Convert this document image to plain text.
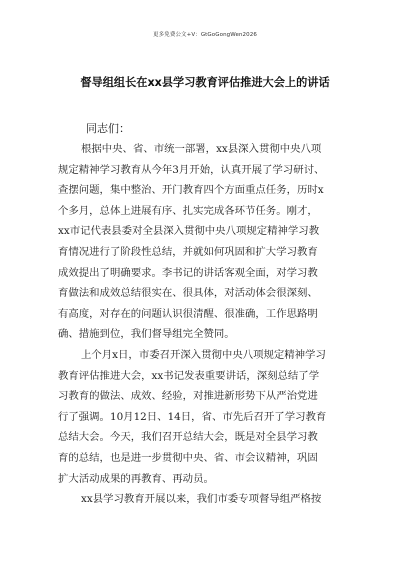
更多免费公文+V：GtGoGongWen2026
督导组组长在xx县学习教育评估推进大会上的讲话
同志们：
根据中央、省、市统一部署，xx县深入贯彻中央八项
规定精神学习教育从今年3月开始，认真开展了学习研讨、
查摆问题，集中整治、开门教育四个方面重点任务，历时x
个多月，总体上进展有序、扎实完成各环节任务。刚才，
xx市记代表县委对全县深入贯彻中央八项规定精神学习教
育情况进行了阶段性总结，并就如何巩固和扩大学习教育
成效提出了明确要求。李书记的讲话客观全面，对学习教
育做法和成效总结很实在、很具体，对活动体会很深刻、
有高度，对存在的问题认识很清醒、很准确，工作思路明
确、措施到位，我们督导组完全赞同。
上个月x日，市委召开深入贯彻中央八项规定精神学习
教育评估推进大会，xx书记发表重要讲话，深刻总结了学
习教育的做法、成效、经验，对推进新形势下从严治党进
行了强调。10月12日、14日，省、市先后召开了学习教育
总结大会。今天，我们召开总结大会，既是对全县学习教
育的总结，也是进一步贯彻中央、省、市会议精神，巩固
扩大活动成果的再教育、再动员。
xx县学习教育开展以来，我们市委专项督导组严格按
